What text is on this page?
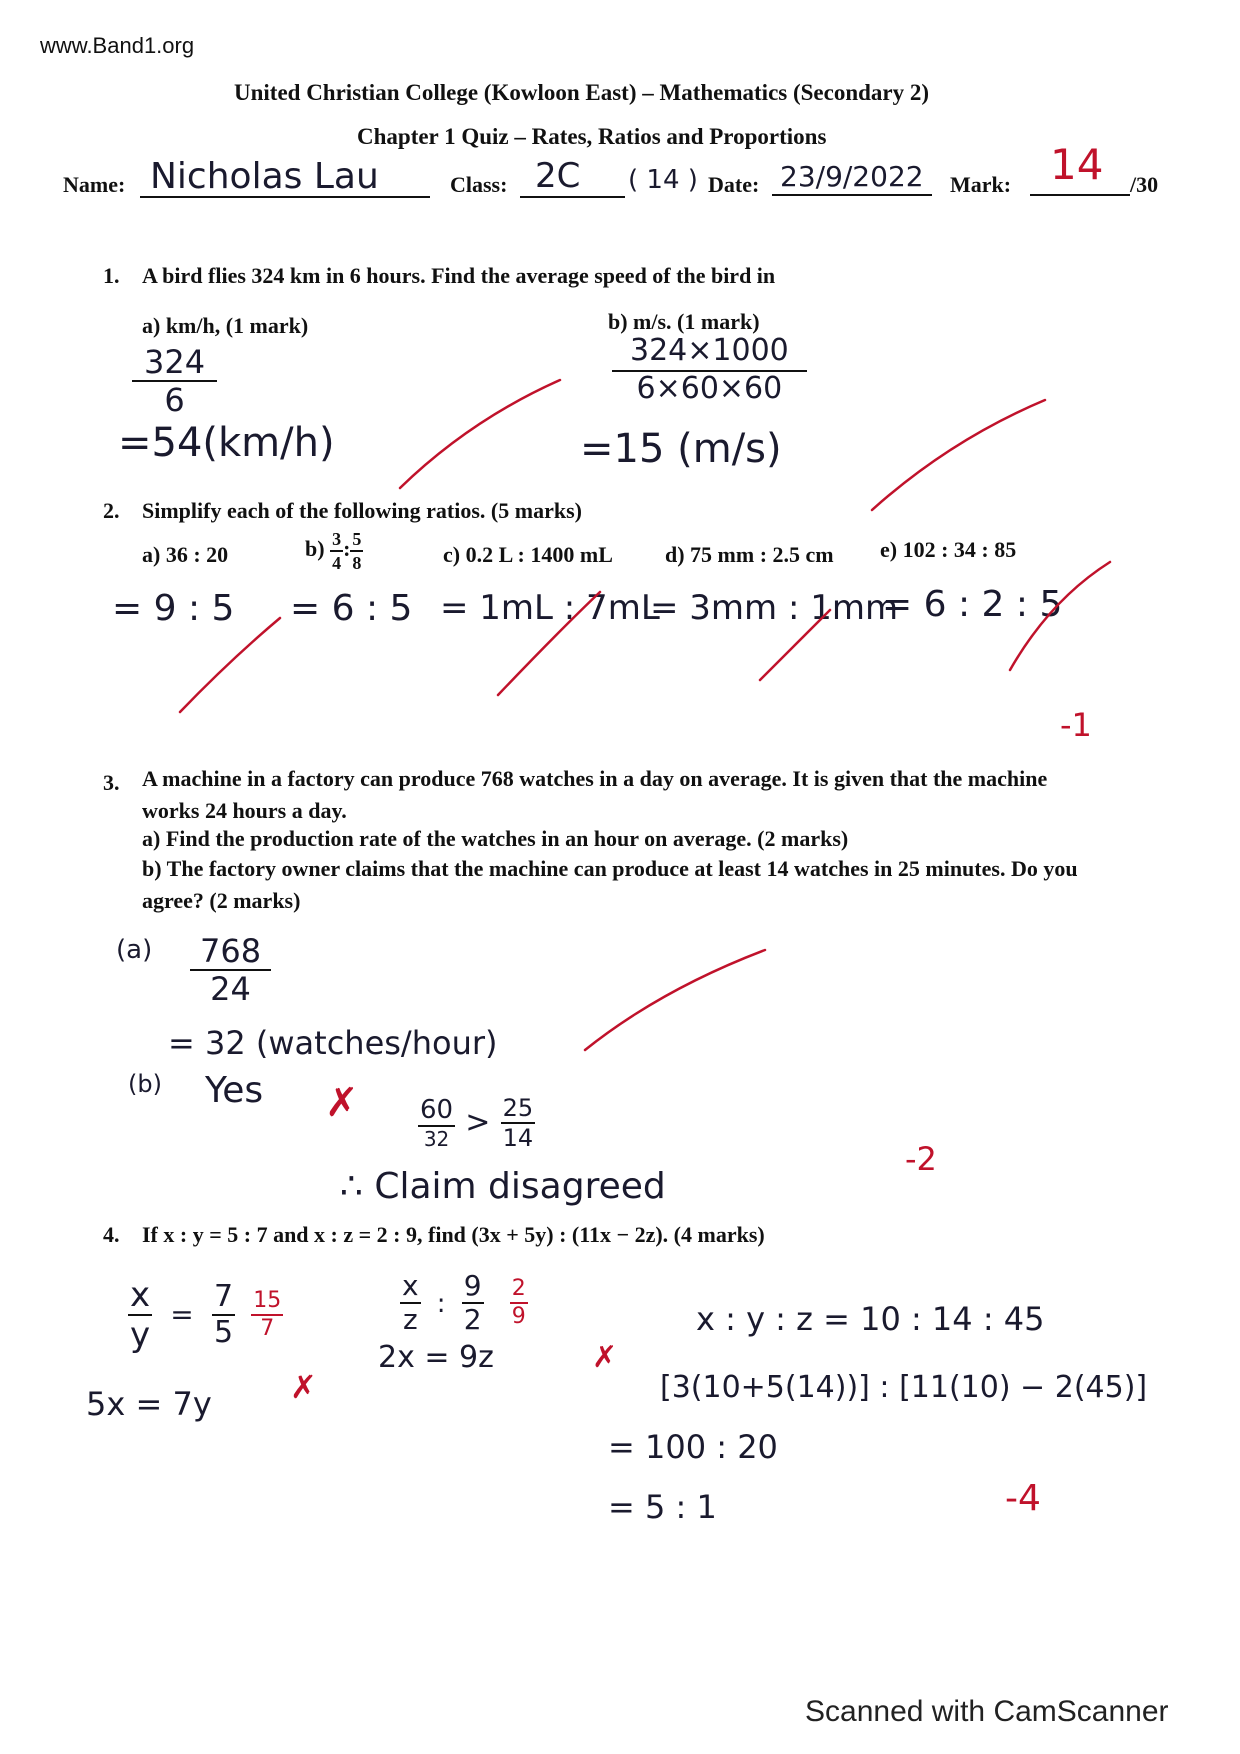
www.Band1.org
United Christian College (Kowloon East) – Mathematics (Secondary 2)
Chapter 1 Quiz – Rates, Ratios and Proportions
Name: Nicholas Lau	Class: 2C ( 14 ) Date: 23/9/2022 Mark: 14 /30
1. A bird flies 324 km in 6 hours. Find the average speed of the bird in
a) km/h, (1 mark)	b) m/s. (1 mark)
$\frac{324}{6}$
=54(km/h)
$\frac{324\times 1000}{6\times 60\times 60}$
=15 (m/s)
2. Simplify each of the following ratios. (5 marks)
a) 36 : 20	$b) \frac{3}{4}$ : $\frac{5}{8}$	c) 0.2 L : 1400 mL d) 75 mm : 2.5 cm e) 102 : 34 : 85
= 9 : 5 = 6 : 5 = 1mL : 7mL
= 3mm : 1mm
= 6 : 2 : 5
-1
3. A machine in a factory can produce 768 watches in a day on average. It is given that the machine
works 24 hours a day.
a) Find the production rate of the watches in an hour on average. (2 marks)
b) The factory owner claims that the machine can produce at least 14 watches in 25 minutes. Do you
agree? (2 marks)
$(a) \frac{768}{24}$
= 32 (watches/hour)
(b) Yes ✗ $\frac{60}{32} > \frac{25}{14}$
∴ Claim disagreed
-2
4. If x : y = 5 : 7 and x : z = 2 : 9, find (3x + 5y) : (11x − 2z). (4 marks)
$\frac{x}{y} = \frac{7}{5}$
$\frac{15}{7}$
5x = 7y ✗
$\frac{x}{z}$ : $\frac{9}{2}$
$\frac{2}{9}$
2x = 9z	✗
x : y : z = 10 : 14 : 45
[3(10+5(14))] : [11(10) − 2(45)]
= 100 : 20
= 5 : 1	-4
Scanned with CamScanner
